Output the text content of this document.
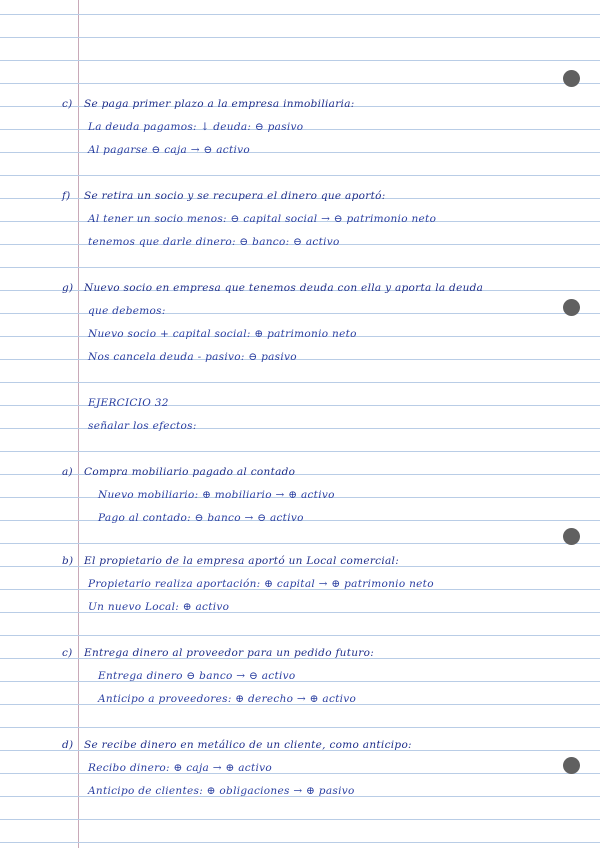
c) Se paga primer plazo a la empresa inmobiliaria:
La deuda pagamos: ↓ deuda: ⊖ pasivo
Al pagarse ⊖ caja → ⊖ activo
f) Se retira un socio y se recupera el dinero que aportó:
Al tener un socio menos: ⊖ capital social → ⊖ patrimonio neto
tenemos que darle dinero: ⊖ banco: ⊖ activo
g) Nuevo socio en empresa que tenemos deuda con ella y aporta la deuda
que debemos:
Nuevo socio + capital social: ⊕ patrimonio neto
Nos cancela deuda - pasivo: ⊖ pasivo
EJERCICIO 32
señalar los efectos:
a) Compra mobiliario pagado al contado
Nuevo mobiliario: ⊕ mobiliario → ⊕ activo
Pago al contado: ⊖ banco → ⊖ activo
b) El propietario de la empresa aportó un Local comercial:
Propietario realiza aportación: ⊕ capital → ⊕ patrimonio neto
Un nuevo Local: ⊕ activo
c) Entrega dinero al proveedor para un pedido futuro:
Entrega dinero ⊖ banco → ⊖ activo
Anticipo a proveedores: ⊕ derecho → ⊕ activo
d) Se recibe dinero en metálico de un cliente, como anticipo:
Recibo dinero: ⊕ caja → ⊕ activo
Anticipo de clientes: ⊕ obligaciones → ⊕ pasivo
